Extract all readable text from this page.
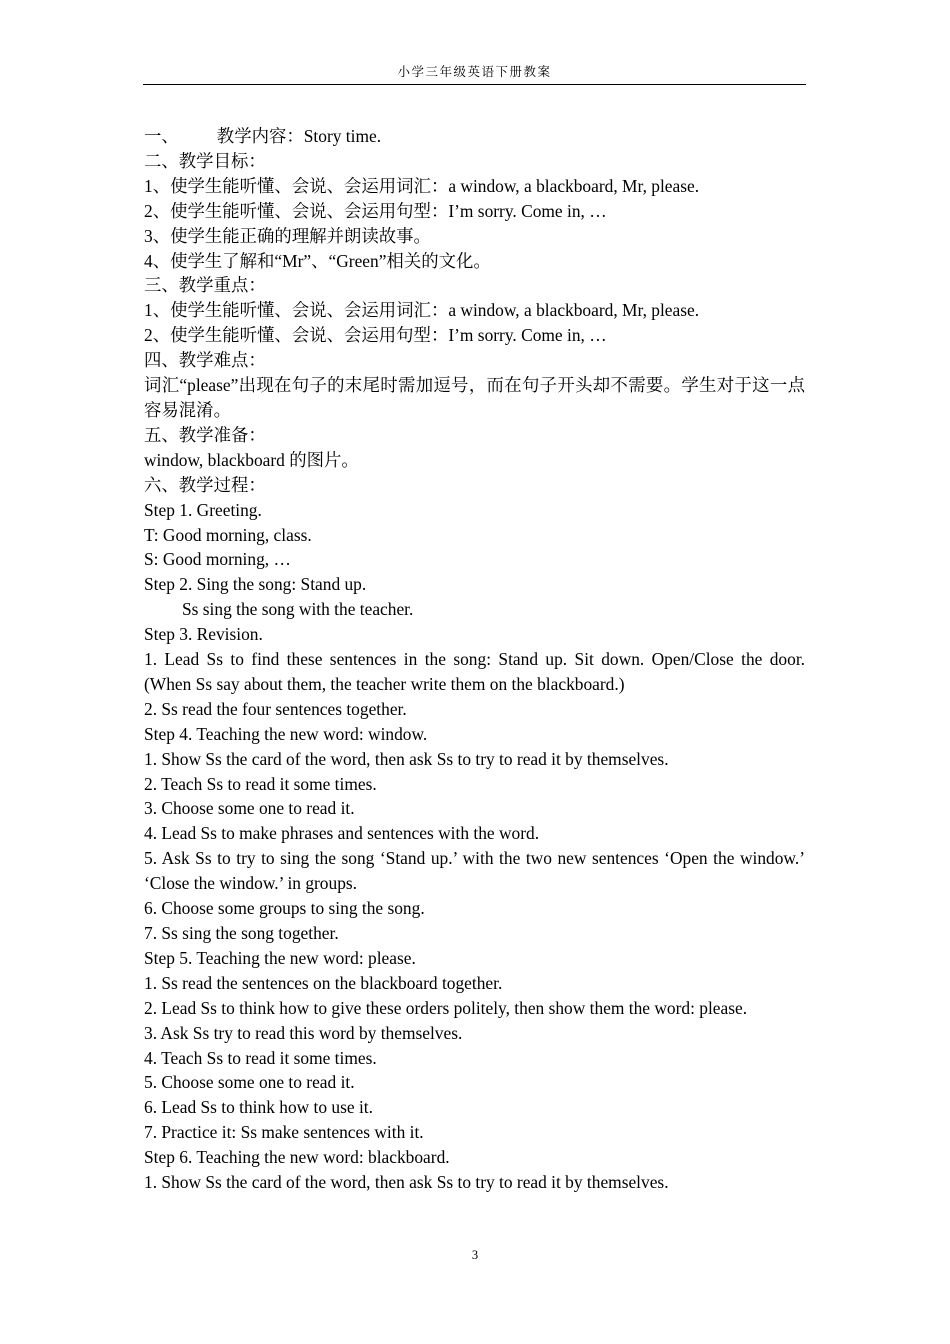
小学三年级英语下册教案
一、 教学内容：Story time.
二、教学目标：
1、使学生能听懂、会说、会运用词汇：a window, a blackboard, Mr, please.
2、使学生能听懂、会说、会运用句型：I’m sorry. Come in, …
3、使学生能正确的理解并朗读故事。
4、使学生了解和“Mr”、“Green”相关的文化。
三、教学重点：
1、使学生能听懂、会说、会运用词汇：a window, a blackboard, Mr, please.
2、使学生能听懂、会说、会运用句型：I’m sorry. Come in, …
四、教学难点：
词汇“please”出现在句子的末尾时需加逗号，而在句子开头却不需要。学生对于这一点容易混淆。
五、教学准备：
window, blackboard 的图片。
六、教学过程：
Step 1. Greeting.
T: Good morning, class.
S: Good morning, …
Step 2. Sing the song: Stand up.
Ss sing the song with the teacher.
Step 3. Revision.
1. Lead Ss to find these sentences in the song: Stand up. Sit down. Open/Close the door. (When Ss say about them, the teacher write them on the blackboard.)
2. Ss read the four sentences together.
Step 4. Teaching the new word: window.
1. Show Ss the card of the word, then ask Ss to try to read it by themselves.
2. Teach Ss to read it some times.
3. Choose some one to read it.
4. Lead Ss to make phrases and sentences with the word.
5. Ask Ss to try to sing the song ‘Stand up.’ with the two new sentences ‘Open the window.’ ‘Close the window.’ in groups.
6. Choose some groups to sing the song.
7. Ss sing the song together.
Step 5. Teaching the new word: please.
1. Ss read the sentences on the blackboard together.
2. Lead Ss to think how to give these orders politely, then show them the word: please.
3. Ask Ss try to read this word by themselves.
4. Teach Ss to read it some times.
5. Choose some one to read it.
6. Lead Ss to think how to use it.
7. Practice it: Ss make sentences with it.
Step 6. Teaching the new word: blackboard.
1. Show Ss the card of the word, then ask Ss to try to read it by themselves.
3
